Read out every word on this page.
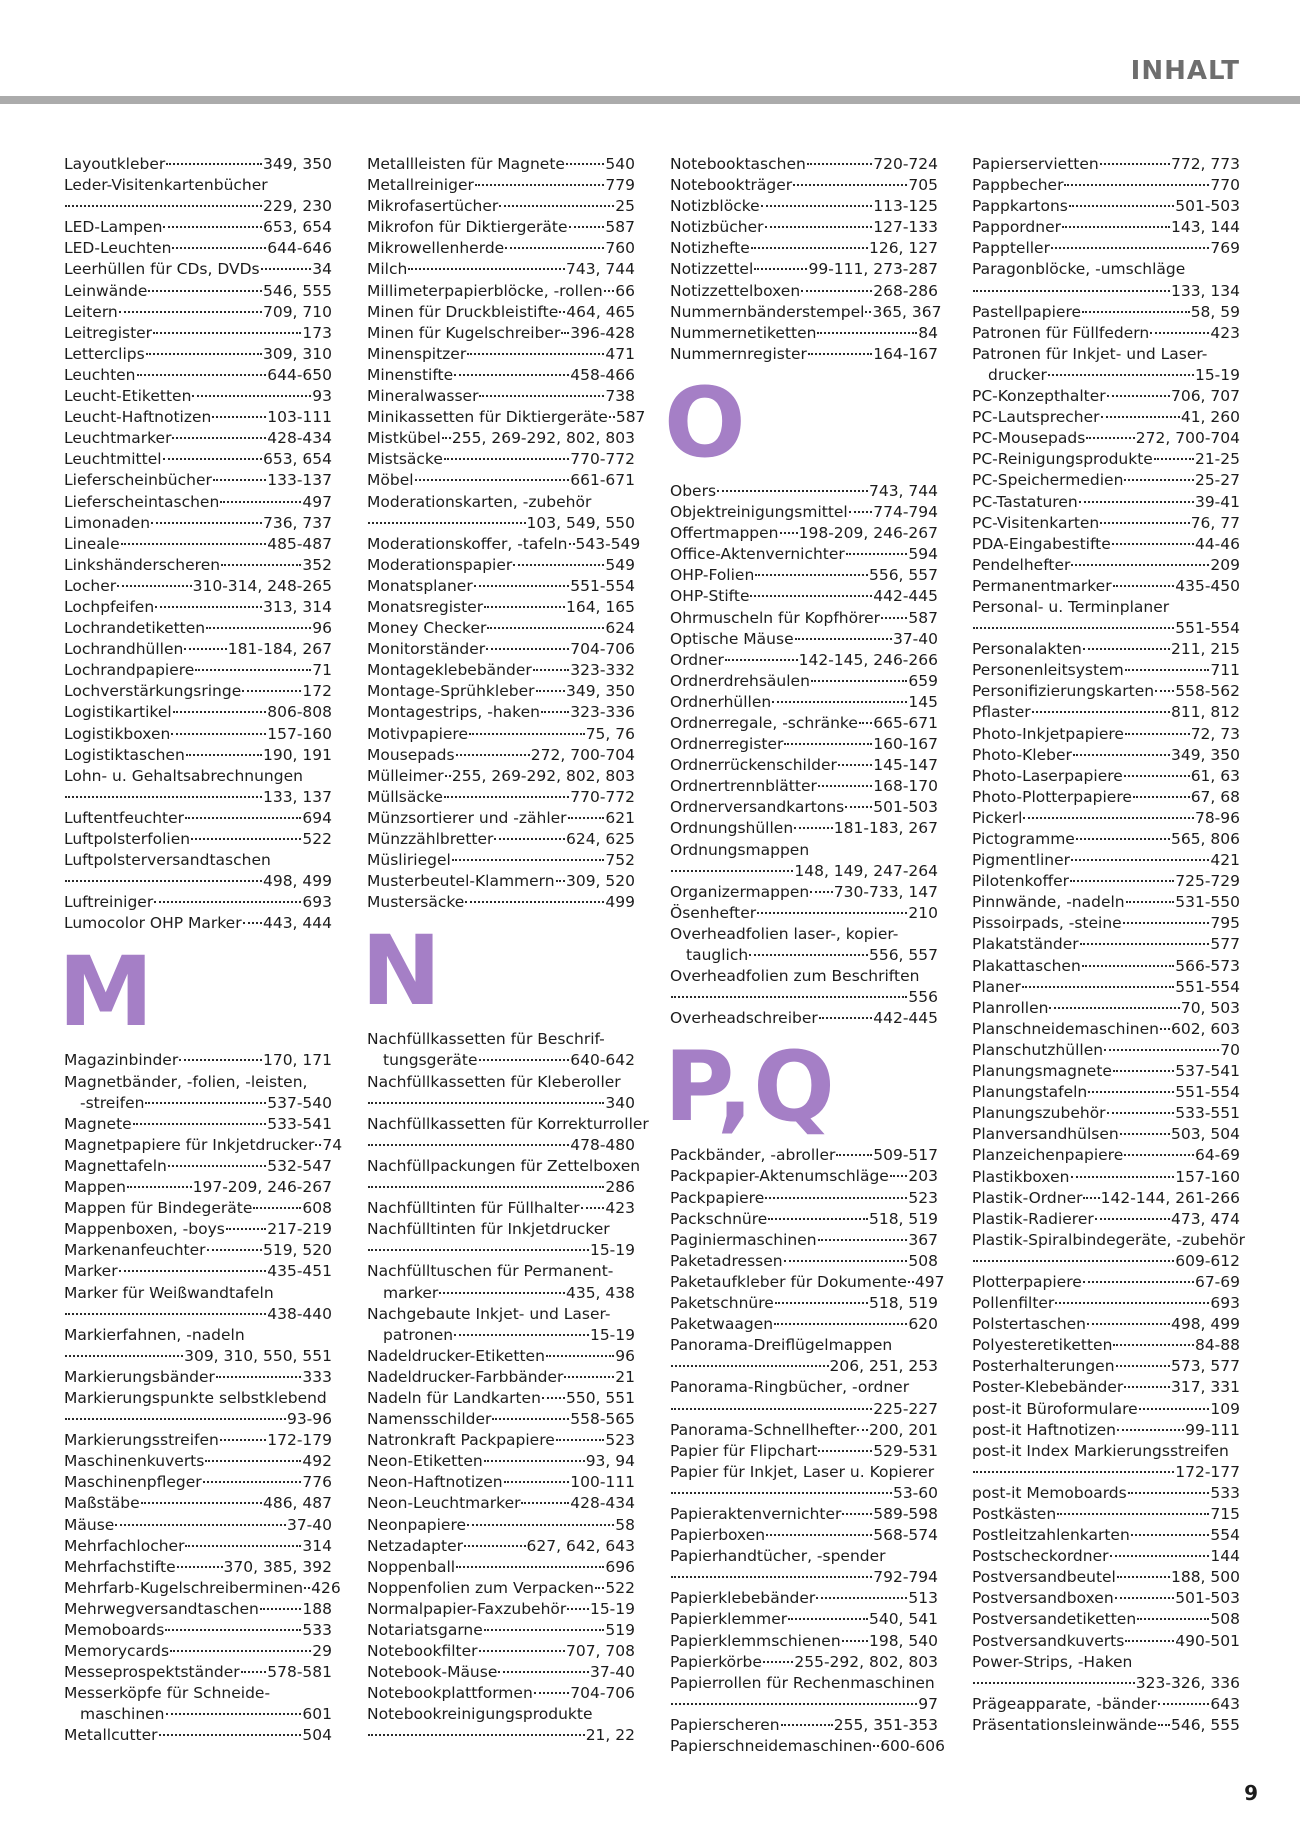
INHALT
Layoutkleber	349, 350
Leder-Visitenkartenbücher
229, 230
LED-Lampen	653, 654
LED-Leuchten	644-646
Leerhüllen für CDs, DVDs	34
Leinwände	546, 555
Leitern	709, 710
Leitregister	173
Letterclips	309, 310
Leuchten	644-650
Leucht-Etiketten	93
Leucht-Haftnotizen	103-111
Leuchtmarker	428-434
Leuchtmittel	653, 654
Lieferscheinbücher	133-137
Lieferscheintaschen	497
Limonaden	736, 737
Lineale	485-487
Linkshänderscheren	352
Locher	310-314, 248-265
Lochpfeifen	313, 314
Lochrandetiketten	96
Lochrandhüllen	181-184, 267
Lochrandpapiere	71
Lochverstärkungsringe	172
Logistikartikel	806-808
Logistikboxen	157-160
Logistiktaschen	190, 191
Lohn- u. Gehaltsabrechnungen
133, 137
Luftentfeuchter	694
Luftpolsterfolien	522
Luftpolsterversandtaschen
498, 499
Luftreiniger	693
Lumocolor OHP Marker 443, 444
M
Magazinbinder	170, 171
Magnetbänder, -folien, -leisten,
-streifen	537-540
Magnete	533-541
Magnetpapiere für Inkjetdrucker 74
Magnettafeln	532-547
Mappen	197-209, 246-267
Mappen für Bindegeräte	608
Mappenboxen, -boys	217-219
Markenanfeuchter	519, 520
Marker	435-451
Marker für Weißwandtafeln
438-440
Markierfahnen, -nadeln
309, 310, 550, 551
Markierungsbänder	333
Markierungspunkte selbstklebend
93-96
Markierungsstreifen	172-179
Maschinenkuverts	492
Maschinenpfleger	776
Maßstäbe	486, 487
Mäuse	37-40
Mehrfachlocher	314
Mehrfachstifte	370, 385, 392
Mehrfarb-Kugelschreiberminen 426
Mehrwegversandtaschen	188
Memoboards	533
Memorycards	29
Messeprospektständer 578-581
Messerköpfe für Schneide-
maschinen	601
Metallcutter	504
Metallleisten für Magnete	540
Metallreiniger	779
Mikrofasertücher	25
Mikrofon für Diktiergeräte 587
Mikrowellenherde	760
Milch	743, 744
Millimeterpapierblöcke, -rollen 66
Minen für Druckbleistifte 464, 465
Minen für Kugelschreiber 396-428
Minenspitzer	471
Minenstifte	458-466
Mineralwasser	738
Minikassetten für Diktiergeräte 587
Mistkübel 255, 269-292, 802, 803
Mistsäcke	770-772
Möbel	661-671
Moderationskarten, -zubehör
103, 549, 550
Moderationskoffer, -tafeln 543-549
Moderationspapier	549
Monatsplaner	551-554
Monatsregister	164, 165
Money Checker	624
Monitorständer	704-706
Montageklebebänder 323-332
Montage-Sprühkleber 349, 350
Montagestrips, -haken 323-336
Motivpapiere	75, 76
Mousepads	272, 700-704
Mülleimer 255, 269-292, 802, 803
Müllsäcke	770-772
Münzsortierer und -zähler	621
Münzzählbretter	624, 625
Müsliriegel	752
Musterbeutel-Klammern 309, 520
Mustersäcke	499
N
Nachfüllkassetten für Beschrif-
tungsgeräte	640-642
Nachfüllkassetten für Kleberoller
340
Nachfüllkassetten für Korrekturroller
478-480
Nachfüllpackungen für Zettelboxen
286
Nachfülltinten für Füllhalter 423
Nachfülltinten für Inkjetdrucker
15-19
Nachfülltuschen für Permanent-
marker	435, 438
Nachgebaute Inkjet- und Laser-
patronen	15-19
Nadeldrucker-Etiketten	96
Nadeldrucker-Farbbänder	21
Nadeln für Landkarten 550, 551
Namensschilder	558-565
Natronkraft Packpapiere	523
Neon-Etiketten	93, 94
Neon-Haftnotizen	100-111
Neon-Leuchtmarker	428-434
Neonpapiere	58
Netzadapter	627, 642, 643
Noppenball	696
Noppenfolien zum Verpacken 522
Normalpapier-Faxzubehör 15-19
Notariatsgarne	519
Notebookfilter	707, 708
Notebook-Mäuse	37-40
Notebookplattformen 704-706
Notebookreinigungsprodukte
21, 22
Notebooktaschen	720-724
Notebookträger	705
Notizblöcke	113-125
Notizbücher	127-133
Notizhefte	126, 127
Notizzettel	99-111, 273-287
Notizzettelboxen	268-286
Nummernbänderstempel 365, 367
Nummernetiketten	84
Nummernregister	164-167
O
Obers	743, 744
Objektreinigungsmittel 774-794
Offertmappen 198-209, 246-267
Office-Aktenvernichter	594
OHP-Folien	556, 557
OHP-Stifte	442-445
Ohrmuscheln für Kopfhörer 587
Optische Mäuse	37-40
Ordner	142-145, 246-266
Ordnerdrehsäulen	659
Ordnerhüllen	145
Ordnerregale, -schränke 665-671
Ordnerregister	160-167
Ordnerrückenschilder 145-147
Ordnertrennblätter	168-170
Ordnerversandkartons 501-503
Ordnungshüllen	181-183, 267
Ordnungsmappen
148, 149, 247-264
Organizermappen 730-733, 147
Ösenhefter	210
Overheadfolien laser-, kopier-
tauglich	556, 557
Overheadfolien zum Beschriften
556
Overheadschreiber	442-445
P,Q
Packbänder, -abroller 509-517
Packpapier-Aktenumschläge 203
Packpapiere	523
Packschnüre	518, 519
Paginiermaschinen	367
Paketadressen	508
Paketaufkleber für Dokumente 497
Paketschnüre	518, 519
Paketwaagen	620
Panorama-Dreiflügelmappen
206, 251, 253
Panorama-Ringbücher, -ordner
225-227
Panorama-Schnellhefter 200, 201
Papier für Flipchart	529-531
Papier für Inkjet, Laser u. Kopierer
53-60
Papieraktenvernichter 589-598
Papierboxen	568-574
Papierhandtücher, -spender
792-794
Papierklebebänder	513
Papierklemmer	540, 541
Papierklemmschienen 198, 540
Papierkörbe 255-292, 802, 803
Papierrollen für Rechenmaschinen
97
Papierscheren	255, 351-353
Papierschneidemaschinen 600-606
Papierservietten	772, 773
Pappbecher	770
Pappkartons	501-503
Pappordner	143, 144
Pappteller	769
Paragonblöcke, -umschläge
133, 134
Pastellpapiere	58, 59
Patronen für Füllfedern	423
Patronen für Inkjet- und Laser-
drucker	15-19
PC-Konzepthalter	706, 707
PC-Lautsprecher	41, 260
PC-Mousepads	272, 700-704
PC-Reinigungsprodukte	21-25
PC-Speichermedien	25-27
PC-Tastaturen	39-41
PC-Visitenkarten	76, 77
PDA-Eingabestifte	44-46
Pendelhefter	209
Permanentmarker	435-450
Personal- u. Terminplaner
551-554
Personalakten	211, 215
Personenleitsystem	711
Personifizierungskarten 558-562
Pflaster	811, 812
Photo-Inkjetpapiere	72, 73
Photo-Kleber	349, 350
Photo-Laserpapiere	61, 63
Photo-Plotterpapiere	67, 68
Pickerl	78-96
Pictogramme	565, 806
Pigmentliner	421
Pilotenkoffer	725-729
Pinnwände, -nadeln	531-550
Pissoirpads, -steine	795
Plakatständer	577
Plakattaschen	566-573
Planer	551-554
Planrollen	70, 503
Planschneidemaschinen 602, 603
Planschutzhüllen	70
Planungsmagnete	537-541
Planungstafeln	551-554
Planungszubehör	533-551
Planversandhülsen	503, 504
Planzeichenpapiere	64-69
Plastikboxen	157-160
Plastik-Ordner 142-144, 261-266
Plastik-Radierer	473, 474
Plastik-Spiralbindegeräte, -zubehör
609-612
Plotterpapiere	67-69
Pollenfilter	693
Polstertaschen	498, 499
Polyesteretiketten	84-88
Posterhalterungen	573, 577
Poster-Klebebänder	317, 331
post-it Büroformulare	109
post-it Haftnotizen	99-111
post-it Index Markierungsstreifen
172-177
post-it Memoboards	533
Postkästen	715
Postleitzahlenkarten	554
Postscheckordner	144
Postversandbeutel	188, 500
Postversandboxen	501-503
Postversandetiketten	508
Postversandkuverts	490-501
Power-Strips, -Haken
323-326, 336
Prägeapparate, -bänder	643
Präsentationsleinwände 546, 555
9
